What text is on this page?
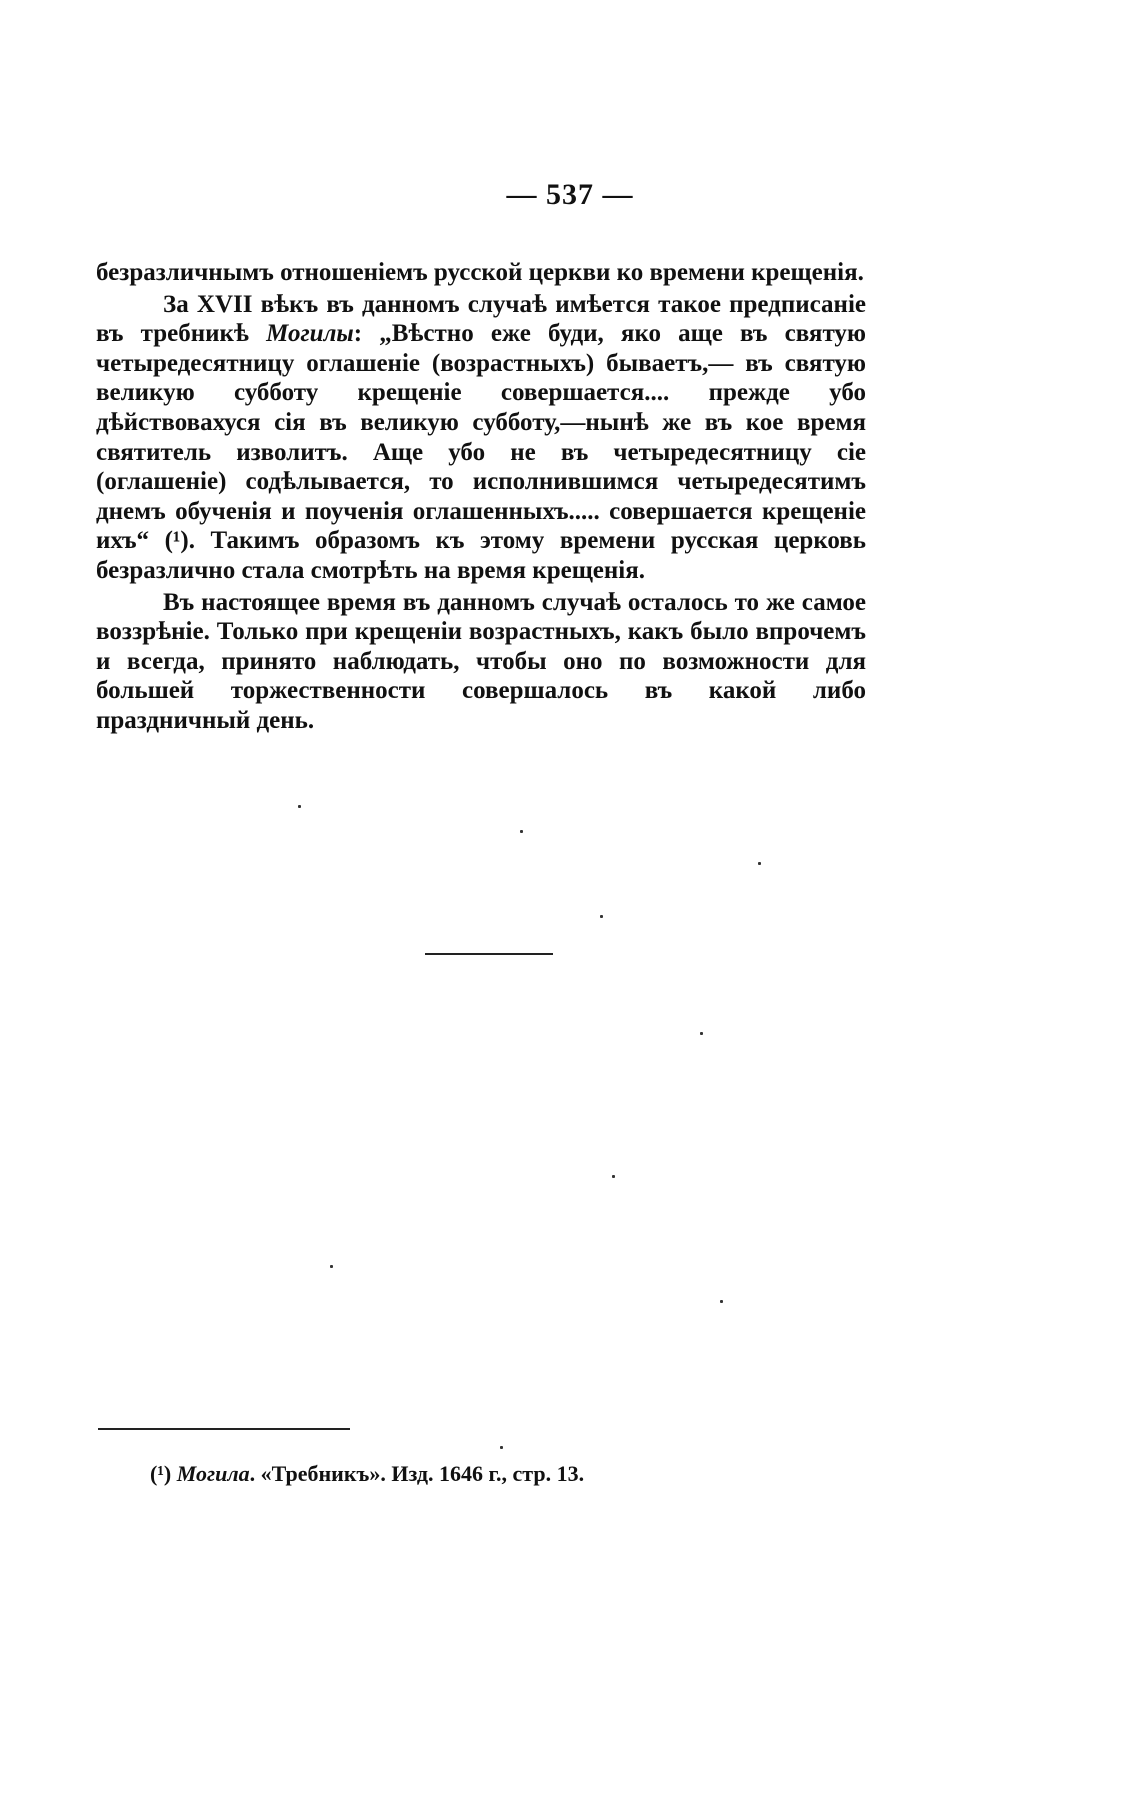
— 537 —

безразличнымъ отношеніемъ русской церкви ко времени крещенія.

За XVII вѣкъ въ данномъ случаѣ имѣется такое предписаніе въ требникѣ Могилы: „Вѣстно еже буди, яко аще въ святую четыредесятницу оглашеніе (возрастныхъ) бываетъ,— въ святую великую субботу крещеніе совершается.... прежде убо дѣйствовахуся сія въ великую субботу,—нынѣ же въ кое время святитель изволитъ. Аще убо не въ четыредесятницу сіе (оглашеніе) содѣлывается, то исполнившимся четыредесятимъ днемъ обученія и поученія оглашенныхъ..... совершается крещеніе ихъ“ (¹). Такимъ образомъ къ этому времени русская церковь безразлично стала смотрѣть на время крещенія.

Въ настоящее время въ данномъ случаѣ осталось то же самое воззрѣніе. Только при крещеніи возрастныхъ, какъ было впрочемъ и всегда, принято наблюдать, чтобы оно по возможности для большей торжественности совершалось въ какой либо праздничный день.

(¹) Могила. «Требникъ». Изд. 1646 г., стр. 13.
